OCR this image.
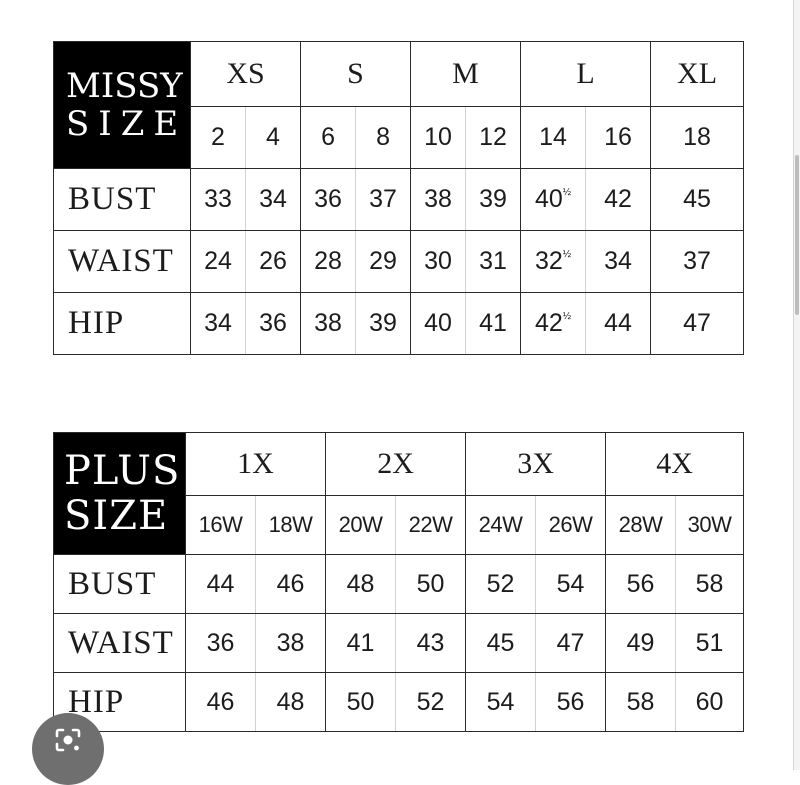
MISSY
SIZE	XS		S		M		L		XL
	2	4	6	8	10	12	14	16	18
BUST	33	34	36	37	38	39	$40^{\frac{1}{2}}$	42	45
WAIST	24	26	28	29	30	31	$32^{\frac{1}{2}}$	34	37
HIP	34	36	38	39	40	41	$42^{\frac{1}{2}}$	44	47
PLUS
SIZE	1X		2X		3X		4X	
	16W	18W	20W	22W	24W	26W	28W	30W
BUST	44	46	48	50	52	54	56	58
WAIST	36	38	41	43	45	47	49	51
HIP	46	48	50	52	54	56	58	60
